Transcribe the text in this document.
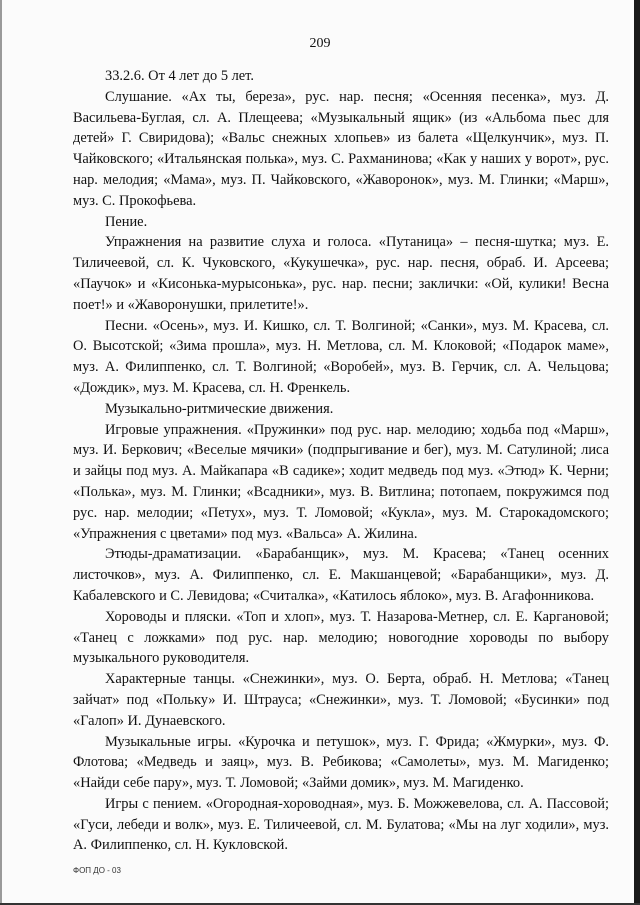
209

33.2.6. От 4 лет до 5 лет.

Слушание. «Ах ты, береза», рус. нар. песня; «Осенняя песенка», муз. Д. Васильева-Буглая, сл. А. Плещеева; «Музыкальный ящик» (из «Альбома пьес для детей» Г. Свиридова); «Вальс снежных хлопьев» из балета «Щелкунчик», муз. П. Чайковского; «Итальянская полька», муз. С. Рахманинова; «Как у наших у ворот», рус. нар. мелодия; «Мама», муз. П. Чайковского, «Жаворонок», муз. М. Глинки; «Марш», муз. С. Прокофьева.

Пение.

Упражнения на развитие слуха и голоса. «Путаница» – песня-шутка; муз. Е. Тиличеевой, сл. К. Чуковского, «Кукушечка», рус. нар. песня, обраб. И. Арсеева; «Паучок» и «Кисонька-мурысонька», рус. нар. песни; заклички: «Ой, кулики! Весна поет!» и «Жаворонушки, прилетите!».

Песни. «Осень», муз. И. Кишко, сл. Т. Волгиной; «Санки», муз. М. Красева, сл. О. Высотской; «Зима прошла», муз. Н. Метлова, сл. М. Клоковой; «Подарок маме», муз. А. Филиппенко, сл. Т. Волгиной; «Воробей», муз. В. Герчик, сл. А. Чельцова; «Дождик», муз. М. Красева, сл. Н. Френкель.

Музыкально-ритмические движения.

Игровые упражнения. «Пружинки» под рус. нар. мелодию; ходьба под «Марш», муз. И. Беркович; «Веселые мячики» (подпрыгивание и бег), муз. М. Сатулиной; лиса и зайцы под муз. А. Майкапара «В садике»; ходит медведь под муз. «Этюд» К. Черни; «Полька», муз. М. Глинки; «Всадники», муз. В. Витлина; потопаем, покружимся под рус. нар. мелодии; «Петух», муз. Т. Ломовой; «Кукла», муз. М. Старокадомского; «Упражнения с цветами» под муз. «Вальса» А. Жилина.

Этюды-драматизации. «Барабанщик», муз. М. Красева; «Танец осенних листочков», муз. А. Филиппенко, сл. Е. Макшанцевой; «Барабанщики», муз. Д. Кабалевского и С. Левидова; «Считалка», «Катилось яблоко», муз. В. Агафонникова.

Хороводы и пляски. «Топ и хлоп», муз. Т. Назарова-Метнер, сл. Е. Каргановой; «Танец с ложками» под рус. нар. мелодию; новогодние хороводы по выбору музыкального руководителя.

Характерные танцы. «Снежинки», муз. О. Берта, обраб. Н. Метлова; «Танец зайчат» под «Польку» И. Штрауса; «Снежинки», муз. Т. Ломовой; «Бусинки» под «Галоп» И. Дунаевского.

Музыкальные игры. «Курочка и петушок», муз. Г. Фрида; «Жмурки», муз. Ф. Флотова; «Медведь и заяц», муз. В. Ребикова; «Самолеты», муз. М. Магиденко; «Найди себе пару», муз. Т. Ломовой; «Займи домик», муз. М. Магиденко.

Игры с пением. «Огородная-хороводная», муз. Б. Можжевелова, сл. А. Пассовой; «Гуси, лебеди и волк», муз. Е. Тиличеевой, сл. М. Булатова; «Мы на луг ходили», муз. А. Филиппенко, сл. Н. Кукловской.

ФОП ДО - 03
